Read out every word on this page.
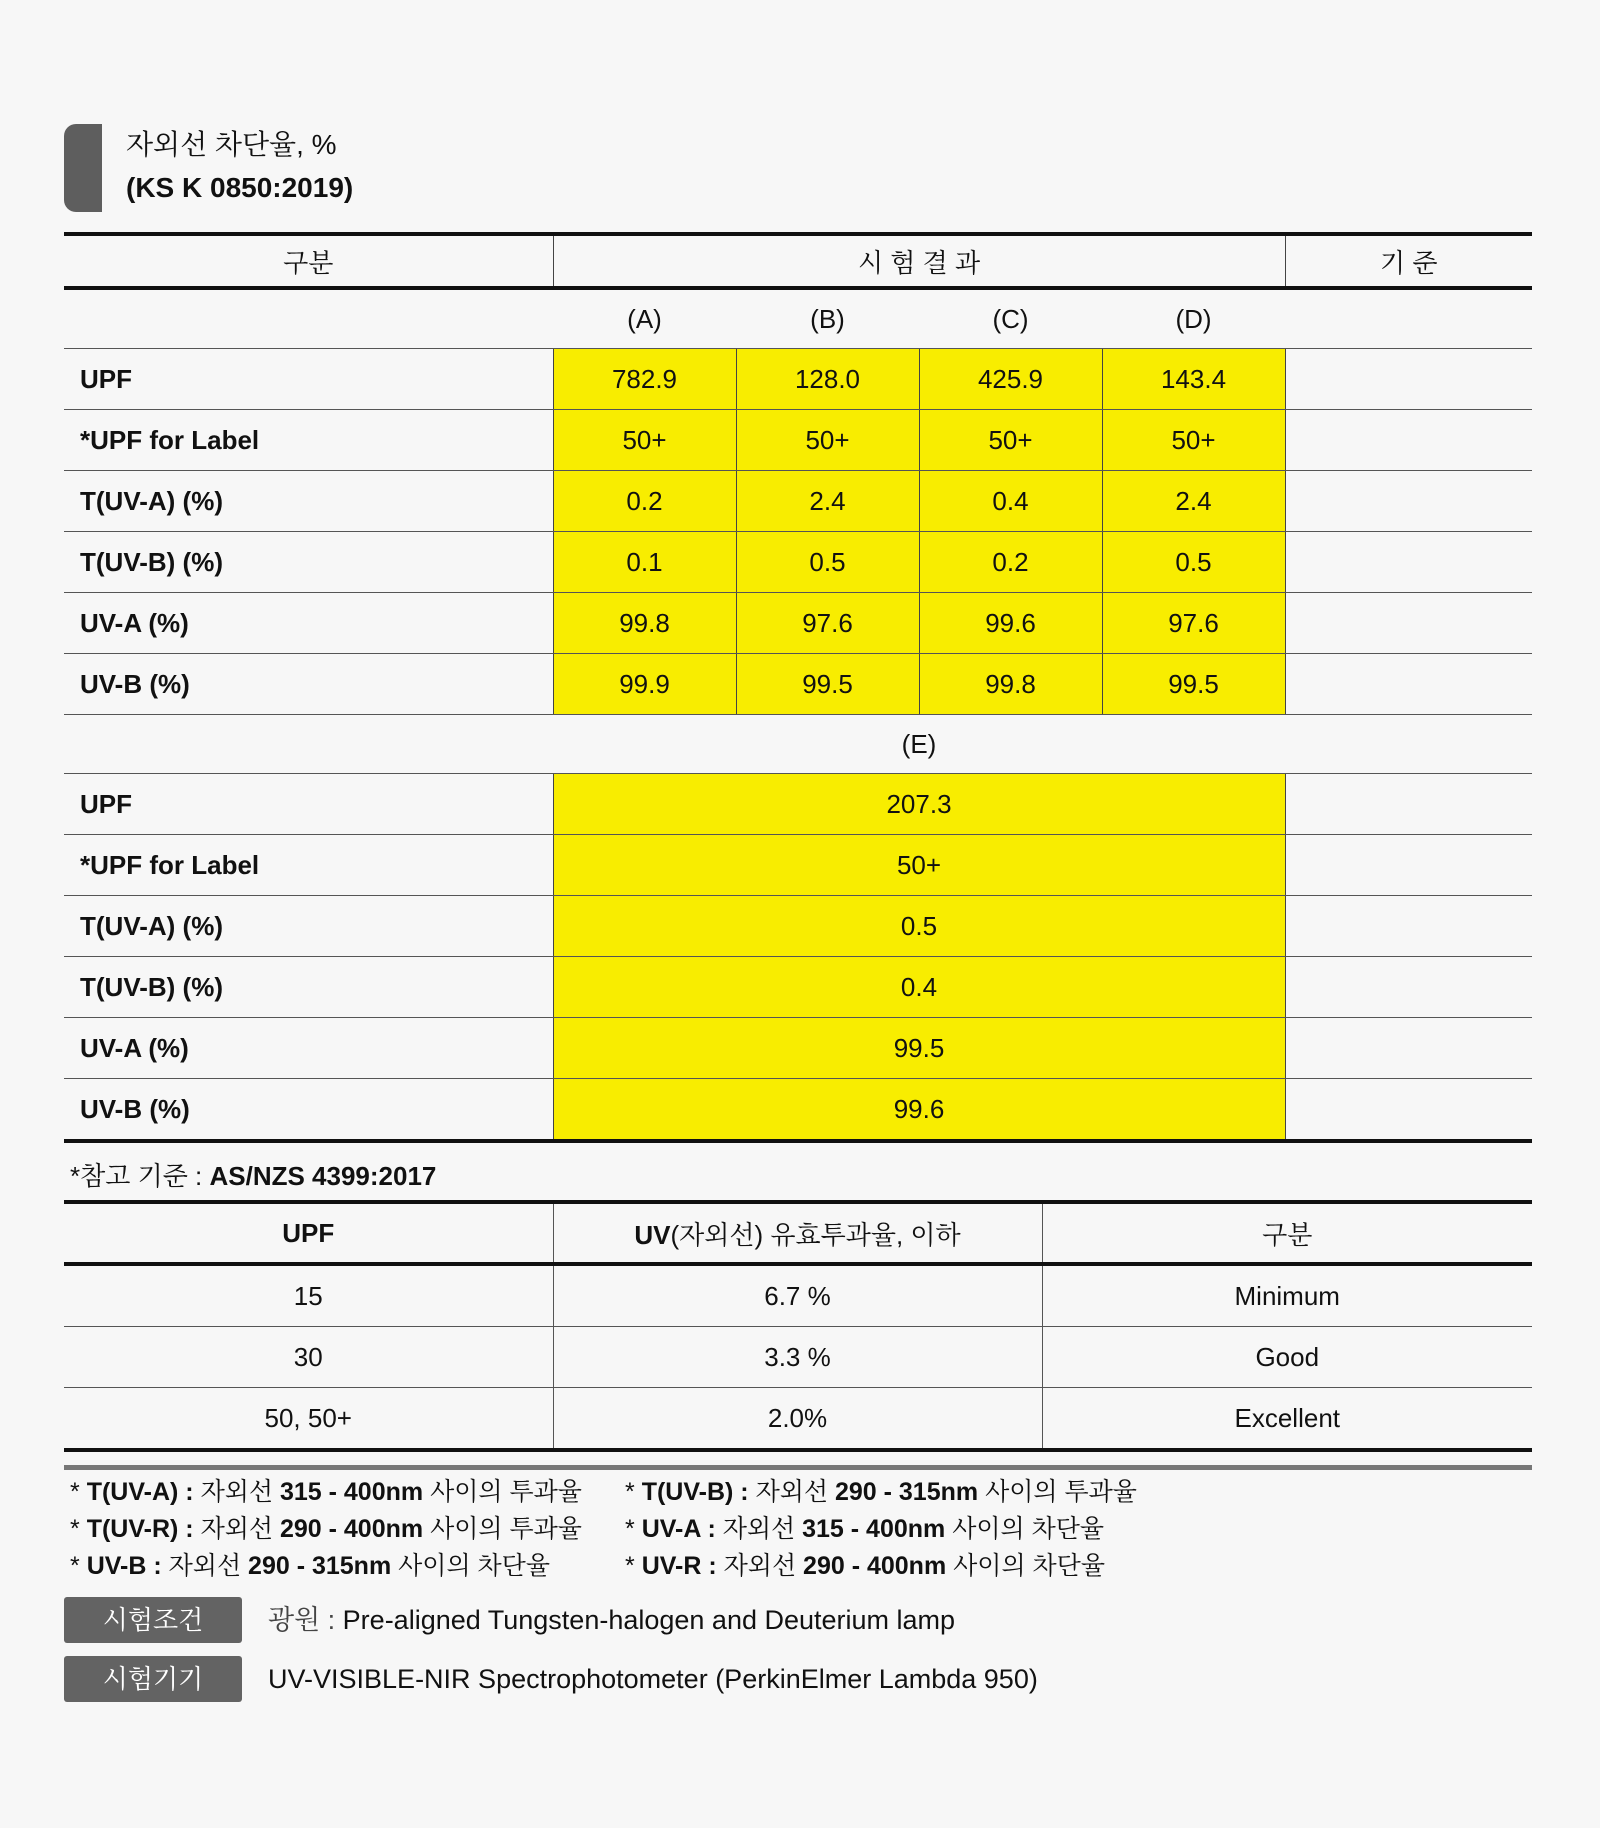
자외선 차단율, %
(KS K 0850:2019)
구분	시 험 결 과				기 준
	(A)	(B)	(C)	(D)	
UPF	782.9	128.0	425.9	143.4	
*UPF for Label	50+	50+	50+	50+	
T(UV-A) (%)	0.2	2.4	0.4	2.4	
T(UV-B) (%)	0.1	0.5	0.2	0.5	
UV-A (%)	99.8	97.6	99.6	97.6	
UV-B (%)	99.9	99.5	99.8	99.5	
	(E)				
UPF	207.3				
*UPF for Label	50+				
T(UV-A) (%)	0.5				
T(UV-B) (%)	0.4				
UV-A (%)	99.5				
UV-B (%)	99.6				
*참고 기준 : AS/NZS 4399:2017
UPF	UV(자외선) 유효투과율, 이하	구분
15	6.7 %	Minimum
30	3.3 %	Good
50, 50+	2.0%	Excellent
* T(UV-A) : 자외선 315 - 400nm 사이의 투과율 * T(UV-B) : 자외선 290 - 315nm 사이의 투과율
* T(UV-R) : 자외선 290 - 400nm 사이의 투과율 * UV-A : 자외선 315 - 400nm 사이의 차단율
* UV-B : 자외선 290 - 315nm 사이의 차단율	* UV-R : 자외선 290 - 400nm 사이의 차단율
시험조건	광원 : Pre-aligned Tungsten-halogen and Deuterium lamp
시험기기	UV-VISIBLE-NIR Spectrophotometer (PerkinElmer Lambda 950)
